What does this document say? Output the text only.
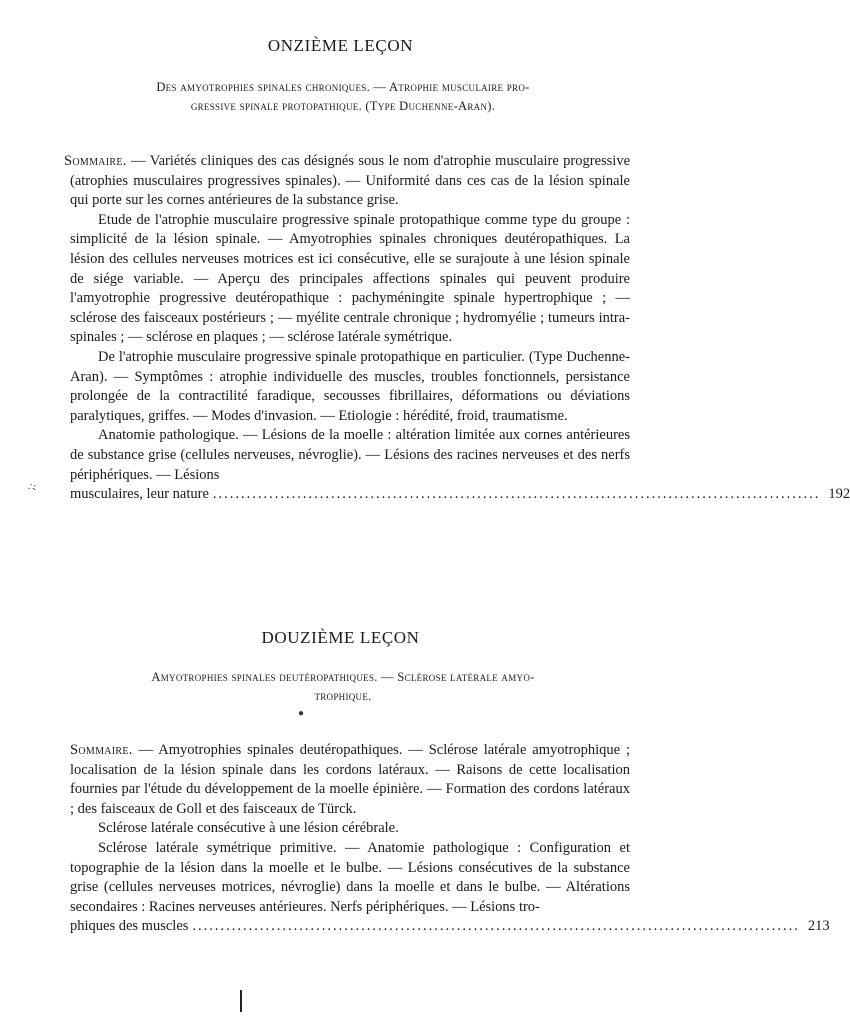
ONZIÈME LEÇON
Des amyotrophies spinales chroniques. — Atrophie musculaire pro-
gressive spinale protopathique. (Type Duchenne-Aran).

Sommaire. — Variétés cliniques des cas désignés sous le nom d'atrophie musculaire progressive (atrophies musculaires progressives spinales). — Uniformité dans ces cas de la lésion spinale qui porte sur les cornes antérieures de la substance grise.

Etude de l'atrophie musculaire progressive spinale protopathique comme type du groupe : simplicité de la lésion spinale. — Amyotrophies spinales chroniques deutéropathiques. La lésion des cellules nerveuses motrices est ici consécutive, elle se surajoute à une lésion spinale de siége variable. — Aperçu des principales affections spinales qui peuvent produire l'amyotrophie progressive deutéropathique : pachyméningite spinale hypertrophique ; — sclérose des faisceaux postérieurs ; — myélite centrale chronique ; hydromyélie ; tumeurs intra-spinales ; — sclérose en plaques ; — sclérose latérale symétrique.

De l'atrophie musculaire progressive spinale protopathique en particulier. (Type Duchenne-Aran). — Symptômes : atrophie individuelle des muscles, troubles fonctionnels, persistance prolongée de la contractilité faradique, secousses fibrillaires, déformations ou déviations paralytiques, griffes. — Modes d'invasion. — Etiologie : hérédité, froid, traumatisme.

Anatomie pathologique. — Lésions de la moelle : altération limitée aux cornes antérieures de substance grise (cellules nerveuses, névroglie). — Lésions des racines nerveuses et des nerfs périphériques. — Lésions

musculaires, leur nature ............................................................................................................ 192
DOUZIÈME LEÇON
Amyotrophies spinales deutéropathiques. — Sclérose latérale amyo-
trophique.

Sommaire. — Amyotrophies spinales deutéropathiques. — Sclérose latérale amyotrophique ; localisation de la lésion spinale dans les cordons latéraux. — Raisons de cette localisation fournies par l'étude du développement de la moelle épinière. — Formation des cordons latéraux ; des faisceaux de Goll et des faisceaux de Türck.

Sclérose latérale consécutive à une lésion cérébrale.

Sclérose latérale symétrique primitive. — Anatomie pathologique : Configuration et topographie de la lésion dans la moelle et le bulbe. — Lésions consécutives de la substance grise (cellules nerveuses motrices, névroglie) dans la moelle et dans le bulbe. — Altérations secondaires : Racines nerveuses antérieures. Nerfs périphériques. — Lésions tro-

phiques des muscles ............................................................................................................ 213
∴:
●
